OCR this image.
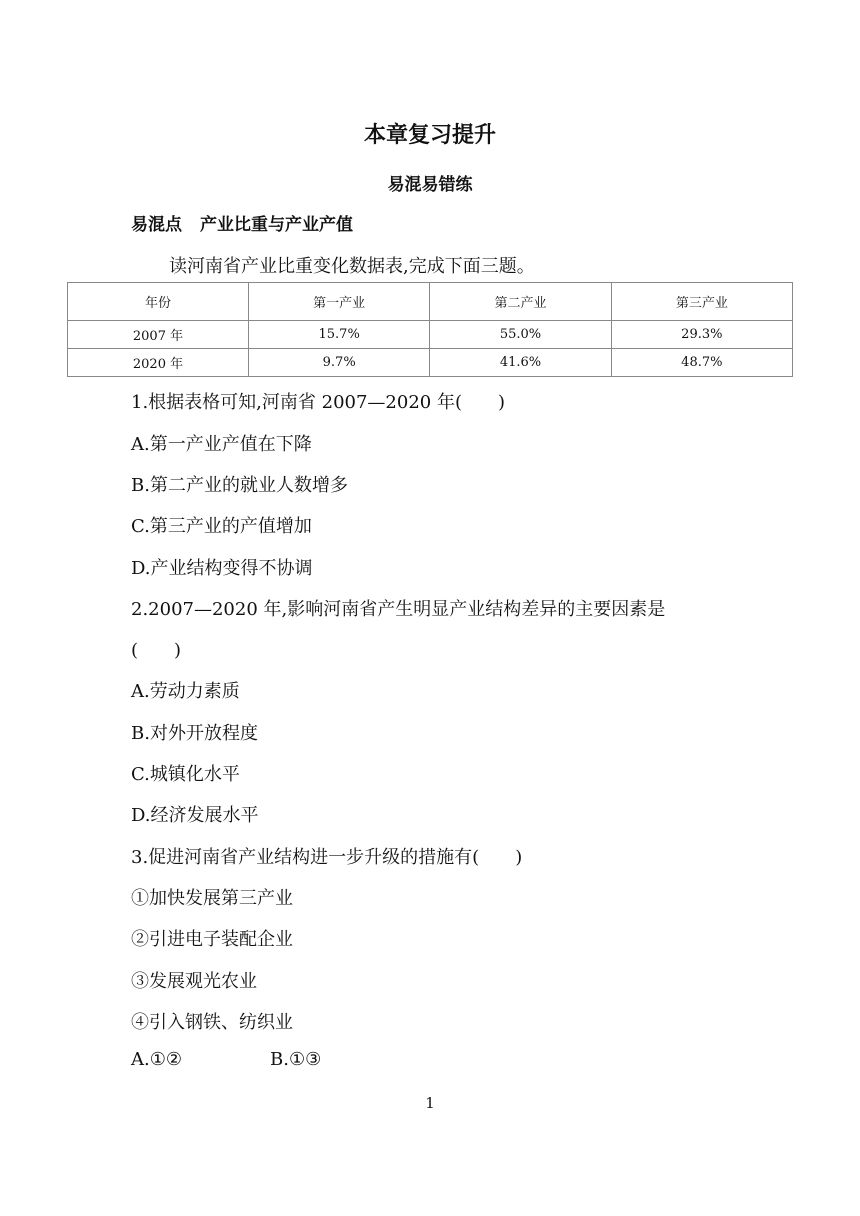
本章复习提升
易混易错练
易混点 产业比重与产业产值
读河南省产业比重变化数据表,完成下面三题。
年份	第一产业	第二产业	第三产业
2007 年	15.7%	55.0%	29.3%
2020 年	9.7%	41.6%	48.7%
1.根据表格可知,河南省 2007—2020 年(　　)
A.第一产业产值在下降
B.第二产业的就业人数增多
C.第三产业的产值增加
D.产业结构变得不协调
2.2007—2020 年,影响河南省产生明显产业结构差异的主要因素是
(　　)
A.劳动力素质
B.对外开放程度
C.城镇化水平
D.经济发展水平
3.促进河南省产业结构进一步升级的措施有(　　)
①加快发展第三产业
②引进电子装配企业
③发展观光农业
④引入钢铁、纺织业
A.①②	B.①③
1
